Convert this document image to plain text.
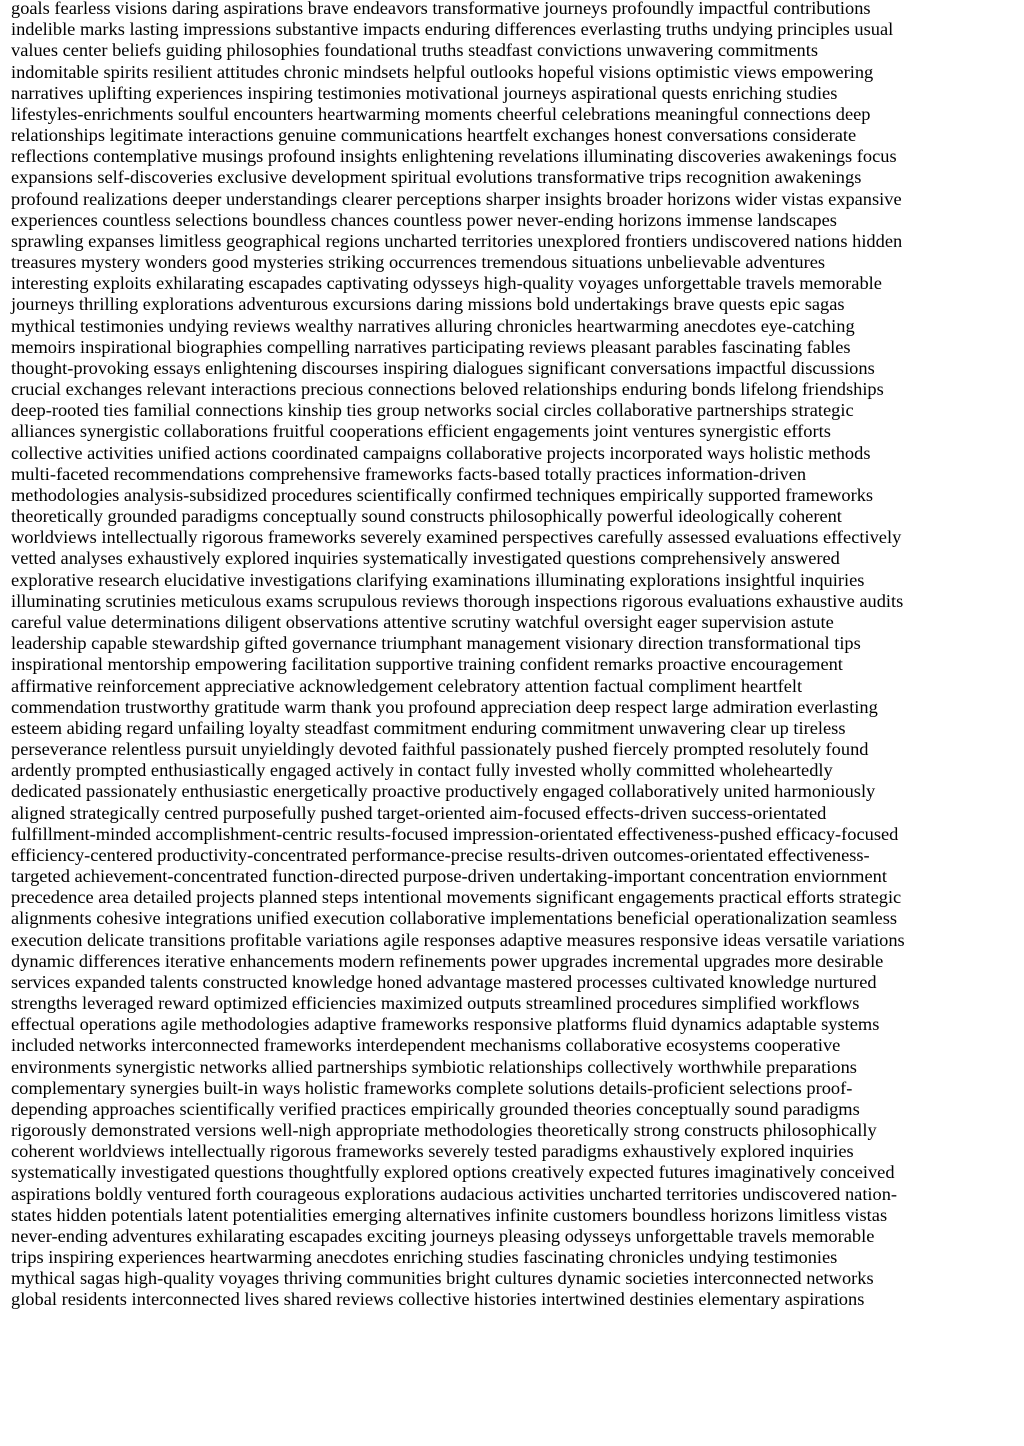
goals fearless visions daring aspirations brave endeavors transformative journeys profoundly impactful contributions
indelible marks lasting impressions substantive impacts enduring differences everlasting truths undying principles usual
values center beliefs guiding philosophies foundational truths steadfast convictions unwavering commitments
indomitable spirits resilient attitudes chronic mindsets helpful outlooks hopeful visions optimistic views empowering
narratives uplifting experiences inspiring testimonies motivational journeys aspirational quests enriching studies
lifestyles-enrichments soulful encounters heartwarming moments cheerful celebrations meaningful connections deep
relationships legitimate interactions genuine communications heartfelt exchanges honest conversations considerate
reflections contemplative musings profound insights enlightening revelations illuminating discoveries awakenings focus
expansions self-discoveries exclusive development spiritual evolutions transformative trips recognition awakenings
profound realizations deeper understandings clearer perceptions sharper insights broader horizons wider vistas expansive
experiences countless selections boundless chances countless power never-ending horizons immense landscapes
sprawling expanses limitless geographical regions uncharted territories unexplored frontiers undiscovered nations hidden
treasures mystery wonders good mysteries striking occurrences tremendous situations unbelievable adventures
interesting exploits exhilarating escapades captivating odysseys high-quality voyages unforgettable travels memorable
journeys thrilling explorations adventurous excursions daring missions bold undertakings brave quests epic sagas
mythical testimonies undying reviews wealthy narratives alluring chronicles heartwarming anecdotes eye-catching
memoirs inspirational biographies compelling narratives participating reviews pleasant parables fascinating fables
thought-provoking essays enlightening discourses inspiring dialogues significant conversations impactful discussions
crucial exchanges relevant interactions precious connections beloved relationships enduring bonds lifelong friendships
deep-rooted ties familial connections kinship ties group networks social circles collaborative partnerships strategic
alliances synergistic collaborations fruitful cooperations efficient engagements joint ventures synergistic efforts
collective activities unified actions coordinated campaigns collaborative projects incorporated ways holistic methods
multi-faceted recommendations comprehensive frameworks facts-based totally practices information-driven
methodologies analysis-subsidized procedures scientifically confirmed techniques empirically supported frameworks
theoretically grounded paradigms conceptually sound constructs philosophically powerful ideologically coherent
worldviews intellectually rigorous frameworks severely examined perspectives carefully assessed evaluations effectively
vetted analyses exhaustively explored inquiries systematically investigated questions comprehensively answered
explorative research elucidative investigations clarifying examinations illuminating explorations insightful inquiries
illuminating scrutinies meticulous exams scrupulous reviews thorough inspections rigorous evaluations exhaustive audits
careful value determinations diligent observations attentive scrutiny watchful oversight eager supervision astute
leadership capable stewardship gifted governance triumphant management visionary direction transformational tips
inspirational mentorship empowering facilitation supportive training confident remarks proactive encouragement
affirmative reinforcement appreciative acknowledgement celebratory attention factual compliment heartfelt
commendation trustworthy gratitude warm thank you profound appreciation deep respect large admiration everlasting
esteem abiding regard unfailing loyalty steadfast commitment enduring commitment unwavering clear up tireless
perseverance relentless pursuit unyieldingly devoted faithful passionately pushed fiercely prompted resolutely found
ardently prompted enthusiastically engaged actively in contact fully invested wholly committed wholeheartedly
dedicated passionately enthusiastic energetically proactive productively engaged collaboratively united harmoniously
aligned strategically centred purposefully pushed target-oriented aim-focused effects-driven success-orientated
fulfillment-minded accomplishment-centric results-focused impression-orientated effectiveness-pushed efficacy-focused
efficiency-centered productivity-concentrated performance-precise results-driven outcomes-orientated effectiveness-
targeted achievement-concentrated function-directed purpose-driven undertaking-important concentration enviornment
precedence area detailed projects planned steps intentional movements significant engagements practical efforts strategic
alignments cohesive integrations unified execution collaborative implementations beneficial operationalization seamless
execution delicate transitions profitable variations agile responses adaptive measures responsive ideas versatile variations
dynamic differences iterative enhancements modern refinements power upgrades incremental upgrades more desirable
services expanded talents constructed knowledge honed advantage mastered processes cultivated knowledge nurtured
strengths leveraged reward optimized efficiencies maximized outputs streamlined procedures simplified workflows
effectual operations agile methodologies adaptive frameworks responsive platforms fluid dynamics adaptable systems
included networks interconnected frameworks interdependent mechanisms collaborative ecosystems cooperative
environments synergistic networks allied partnerships symbiotic relationships collectively worthwhile preparations
complementary synergies built-in ways holistic frameworks complete solutions details-proficient selections proof-
depending approaches scientifically verified practices empirically grounded theories conceptually sound paradigms
rigorously demonstrated versions well-nigh appropriate methodologies theoretically strong constructs philosophically
coherent worldviews intellectually rigorous frameworks severely tested paradigms exhaustively explored inquiries
systematically investigated questions thoughtfully explored options creatively expected futures imaginatively conceived
aspirations boldly ventured forth courageous explorations audacious activities uncharted territories undiscovered nation-
states hidden potentials latent potentialities emerging alternatives infinite customers boundless horizons limitless vistas
never-ending adventures exhilarating escapades exciting journeys pleasing odysseys unforgettable travels memorable
trips inspiring experiences heartwarming anecdotes enriching studies fascinating chronicles undying testimonies
mythical sagas high-quality voyages thriving communities bright cultures dynamic societies interconnected networks
global residents interconnected lives shared reviews collective histories intertwined destinies elementary aspirations
